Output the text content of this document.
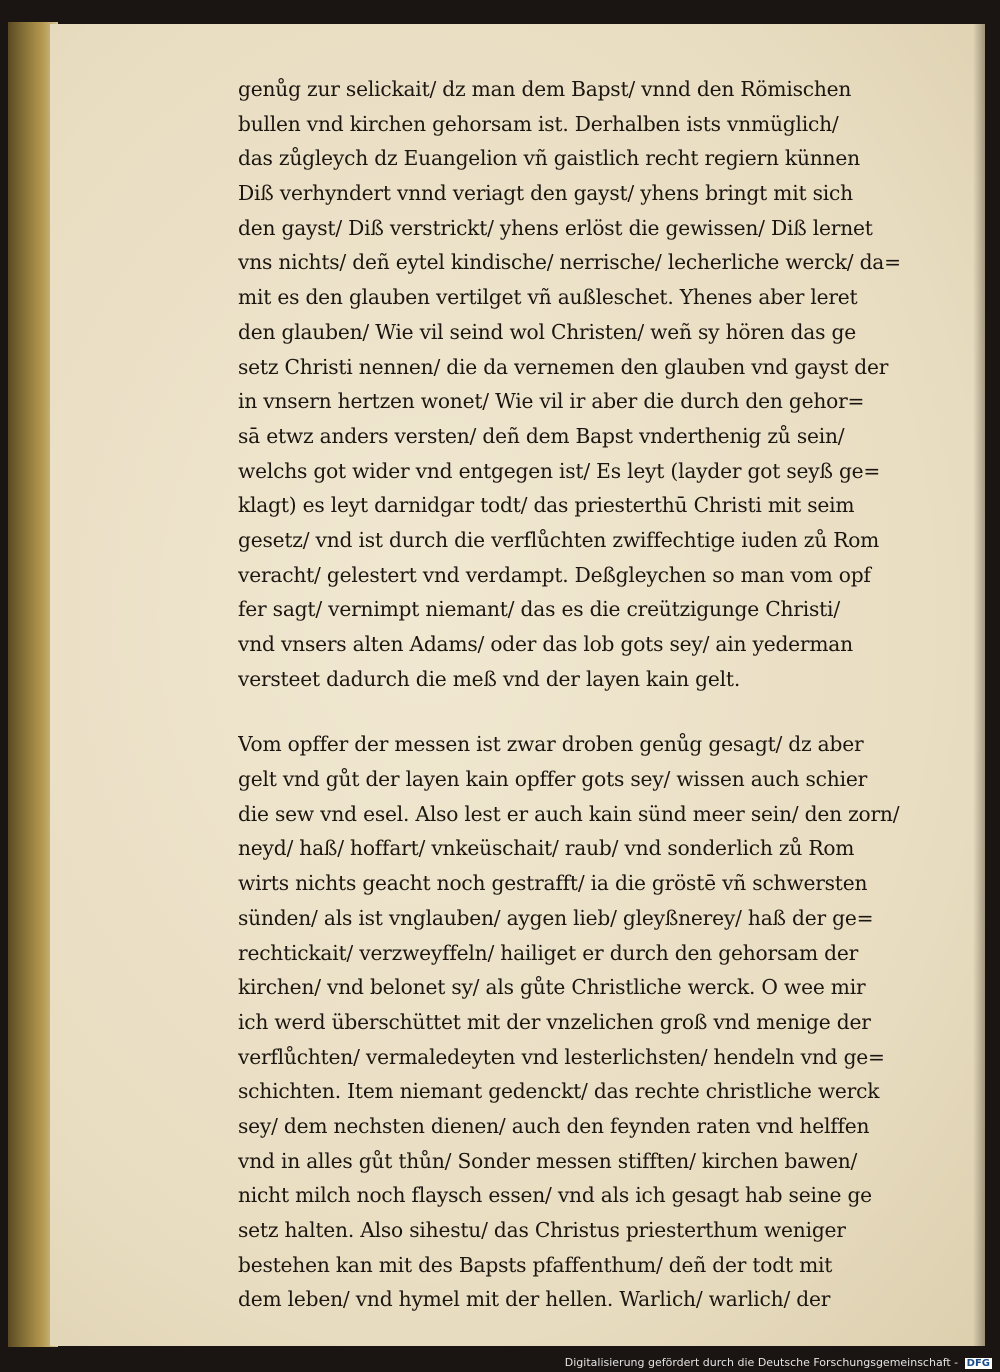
genůg zur selickait/ dz man dem Bapst/ vnnd den Römischen
bullen vnd kirchen gehorsam ist. Derhalben ists vnmüglich/
das zůgleych dz Euangelion vñ gaistlich recht regiern künnen
Diß verhyndert vnnd veriagt den gayst/ yhens bringt mit sich
den gayst/ Diß verstrickt/ yhens erlöst die gewissen/ Diß lernet
vns nichts/ deñ eytel kindische/ nerrische/ lecherliche werck/ da=
mit es den glauben vertilget vñ außleschet. Yhenes aber leret
den glauben/ Wie vil seind wol Christen/ weñ sy hören das ge
setz Christi nennen/ die da vernemen den glauben vnd gayst der
in vnsern hertzen wonet/ Wie vil ir aber die durch den gehor=
sā etwz anders versten/ deñ dem Bapst vnderthenig zů sein/
welchs got wider vnd entgegen ist/ Es leyt (layder got seyß ge=
klagt) es leyt darnidgar todt/ das priesterthū Christi mit seim
gesetz/ vnd ist durch die verflůchten zwiffechtige iuden zů Rom
veracht/ gelestert vnd verdampt. Deßgleychen so man vom opf
fer sagt/ vernimpt niemant/ das es die creützigunge Christi/
vnd vnsers alten Adams/ oder das lob gots sey/ ain yederman
versteet dadurch die meß vnd der layen kain gelt.
Vom opffer der messen ist zwar droben genůg gesagt/ dz aber
gelt vnd gůt der layen kain opffer gots sey/ wissen auch schier
die sew vnd esel. Also lest er auch kain sünd meer sein/ den zorn/
neyd/ haß/ hoffart/ vnkeüschait/ raub/ vnd sonderlich zů Rom
wirts nichts geacht noch gestrafft/ ia die gröstē vñ schwersten
sünden/ als ist vnglauben/ aygen lieb/ gleyßnerey/ haß der ge=
rechtickait/ verzweyffeln/ hailiget er durch den gehorsam der
kirchen/ vnd belonet sy/ als gůte Christliche werck. O wee mir
ich werd überschüttet mit der vnzelichen groß vnd menige der
verflůchten/ vermaledeyten vnd lesterlichsten/ hendeln vnd ge=
schichten. Item niemant gedenckt/ das rechte christliche werck
sey/ dem nechsten dienen/ auch den feynden raten vnd helffen
vnd in alles gůt thůn/ Sonder messen stifften/ kirchen bawen/
nicht milch noch flaysch essen/ vnd als ich gesagt hab seine ge
setz halten. Also sihestu/ das Christus priesterthum weniger
bestehen kan mit des Bapsts pfaffenthum/ deñ der todt mit
dem leben/ vnd hymel mit der hellen. Warlich/ warlich/ der
Digitalisierung gefördert durch die Deutsche Forschungsgemeinschaft - DFG
